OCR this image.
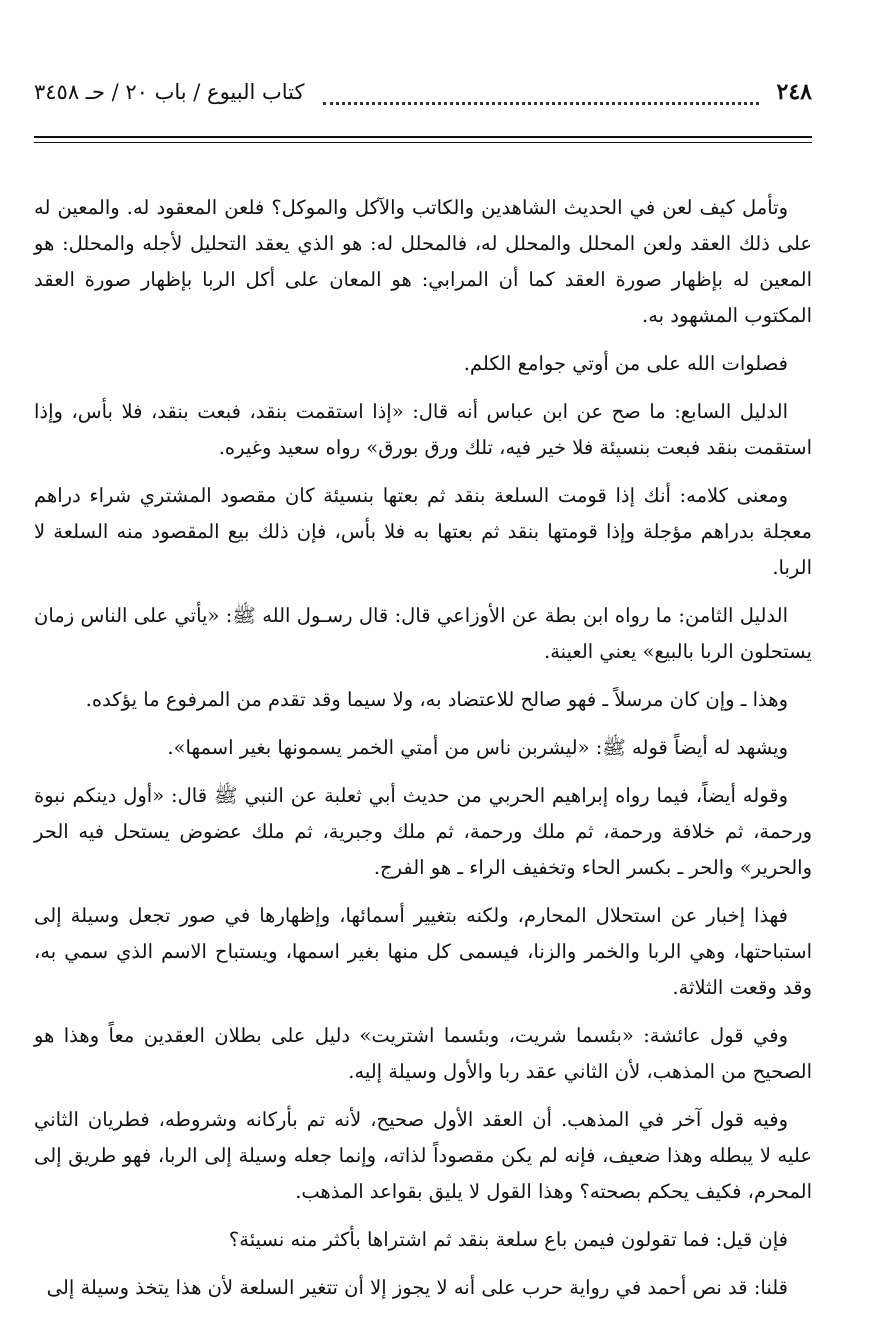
٢٤٨
كتاب البيوع / باب ٢٠ / حـ ٣٤٥٨

وتأمل كيف لعن في الحديث الشاهدين والكاتب والآكل والموكل؟ فلعن المعقود له. والمعين له على ذلك العقد ولعن المحلل والمحلل له، فالمحلل له: هو الذي يعقد التحليل لأجله والمحلل: هو المعين له بإظهار صورة العقد كما أن المرابي: هو المعان على أكل الربا بإظهار صورة العقد المكتوب المشهود به.

فصلوات الله على من أوتي جوامع الكلم.

الدليل السابع: ما صح عن ابن عباس أنه قال: «إذا استقمت بنقد، فبعت بنقد، فلا بأس، وإذا استقمت بنقد فبعت بنسيئة فلا خير فيه، تلك ورق بورق» رواه سعيد وغيره.

ومعنى كلامه: أنك إذا قومت السلعة بنقد ثم بعتها بنسيئة كان مقصود المشتري شراء دراهم معجلة بدراهم مؤجلة وإذا قومتها بنقد ثم بعتها به فلا بأس، فإن ذلك بيع المقصود منه السلعة لا الربا.

الدليل الثامن: ما رواه ابن بطة عن الأوزاعي قال: قال رسـول الله ﷺ: «يأتي على الناس زمان يستحلون الربا بالبيع» يعني العينة.

وهذا ـ وإن كان مرسلاً ـ فهو صالح للاعتضاد به، ولا سيما وقد تقدم من المرفوع ما يؤكده.

ويشهد له أيضاً قوله ﷺ: «ليشربن ناس من أمتي الخمر يسمونها بغير اسمها».

وقوله أيضاً، فيما رواه إبراهيم الحربي من حديث أبي ثعلبة عن النبي ﷺ قال: «أول دينكم نبوة ورحمة، ثم خلافة ورحمة، ثم ملك ورحمة، ثم ملك وجبرية، ثم ملك عضوض يستحل فيه الحر والحرير» والحر ـ بكسر الحاء وتخفيف الراء ـ هو الفرج.

فهذا إخبار عن استحلال المحارم، ولكنه بتغيير أسمائها، وإظهارها في صور تجعل وسيلة إلى استباحتها، وهي الربا والخمر والزنا، فيسمى كل منها بغير اسمها، ويستباح الاسم الذي سمي به، وقد وقعت الثلاثة.

وفي قول عائشة: «بئسما شريت، وبئسما اشتريت» دليل على بطلان العقدين معاً وهذا هو الصحيح من المذهب، لأن الثاني عقد ربا والأول وسيلة إليه.

وفيه قول آخر في المذهب. أن العقد الأول صحيح، لأنه تم بأركانه وشروطه، فطريان الثاني عليه لا يبطله وهذا ضعيف، فإنه لم يكن مقصوداً لذاته، وإنما جعله وسيلة إلى الربا، فهو طريق إلى المحرم، فكيف يحكم بصحته؟ وهذا القول لا يليق بقواعد المذهب.

فإن قيل: فما تقولون فيمن باع سلعة بنقد ثم اشتراها بأكثر منه نسيئة؟

قلنا: قد نص أحمد في رواية حرب على أنه لا يجوز إلا أن تتغير السلعة لأن هذا يتخذ وسيلة إلى
